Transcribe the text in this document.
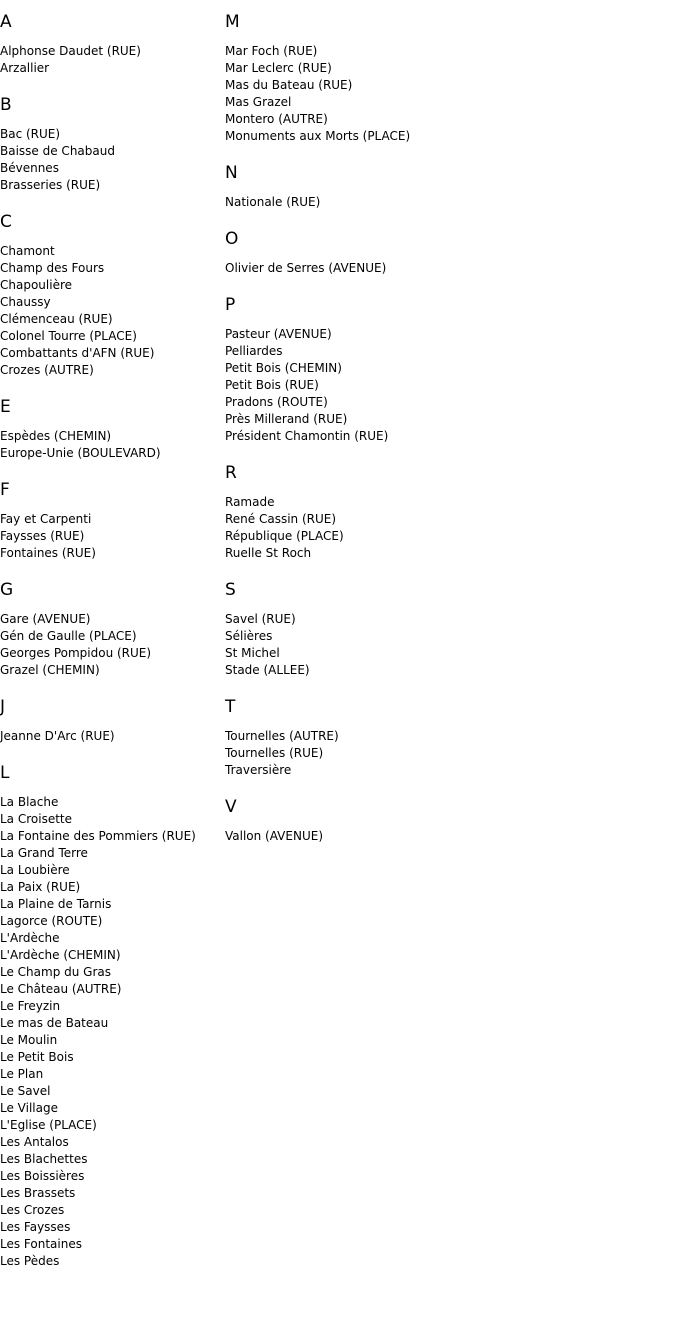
A
Alphonse Daudet (RUE)
Arzallier
B
Bac (RUE)
Baisse de Chabaud
Bévennes
Brasseries (RUE)
C
Chamont
Champ des Fours
Chapoulière
Chaussy
Clémenceau (RUE)
Colonel Tourre (PLACE)
Combattants d'AFN (RUE)
Crozes (AUTRE)
E
Espèdes (CHEMIN)
Europe-Unie (BOULEVARD)
F
Fay et Carpenti
Faysses (RUE)
Fontaines (RUE)
G
Gare (AVENUE)
Gén de Gaulle (PLACE)
Georges Pompidou (RUE)
Grazel (CHEMIN)
J
Jeanne D'Arc (RUE)
L
La Blache
La Croisette
La Fontaine des Pommiers (RUE)
La Grand Terre
La Loubière
La Paix (RUE)
La Plaine de Tarnis
Lagorce (ROUTE)
L'Ardèche
L'Ardèche (CHEMIN)
Le Champ du Gras
Le Château (AUTRE)
Le Freyzin
Le mas de Bateau
Le Moulin
Le Petit Bois
Le Plan
Le Savel
Le Village
L'Eglise (PLACE)
Les Antalos
Les Blachettes
Les Boissières
Les Brassets
Les Crozes
Les Faysses
Les Fontaines
Les Pèdes
M
Mar Foch (RUE)
Mar Leclerc (RUE)
Mas du Bateau (RUE)
Mas Grazel
Montero (AUTRE)
Monuments aux Morts (PLACE)
N
Nationale (RUE)
O
Olivier de Serres (AVENUE)
P
Pasteur (AVENUE)
Pelliardes
Petit Bois (CHEMIN)
Petit Bois (RUE)
Pradons (ROUTE)
Près Millerand (RUE)
Président Chamontin (RUE)
R
Ramade
René Cassin (RUE)
République (PLACE)
Ruelle St Roch
S
Savel (RUE)
Sélières
St Michel
Stade (ALLEE)
T
Tournelles (AUTRE)
Tournelles (RUE)
Traversière
V
Vallon (AVENUE)
